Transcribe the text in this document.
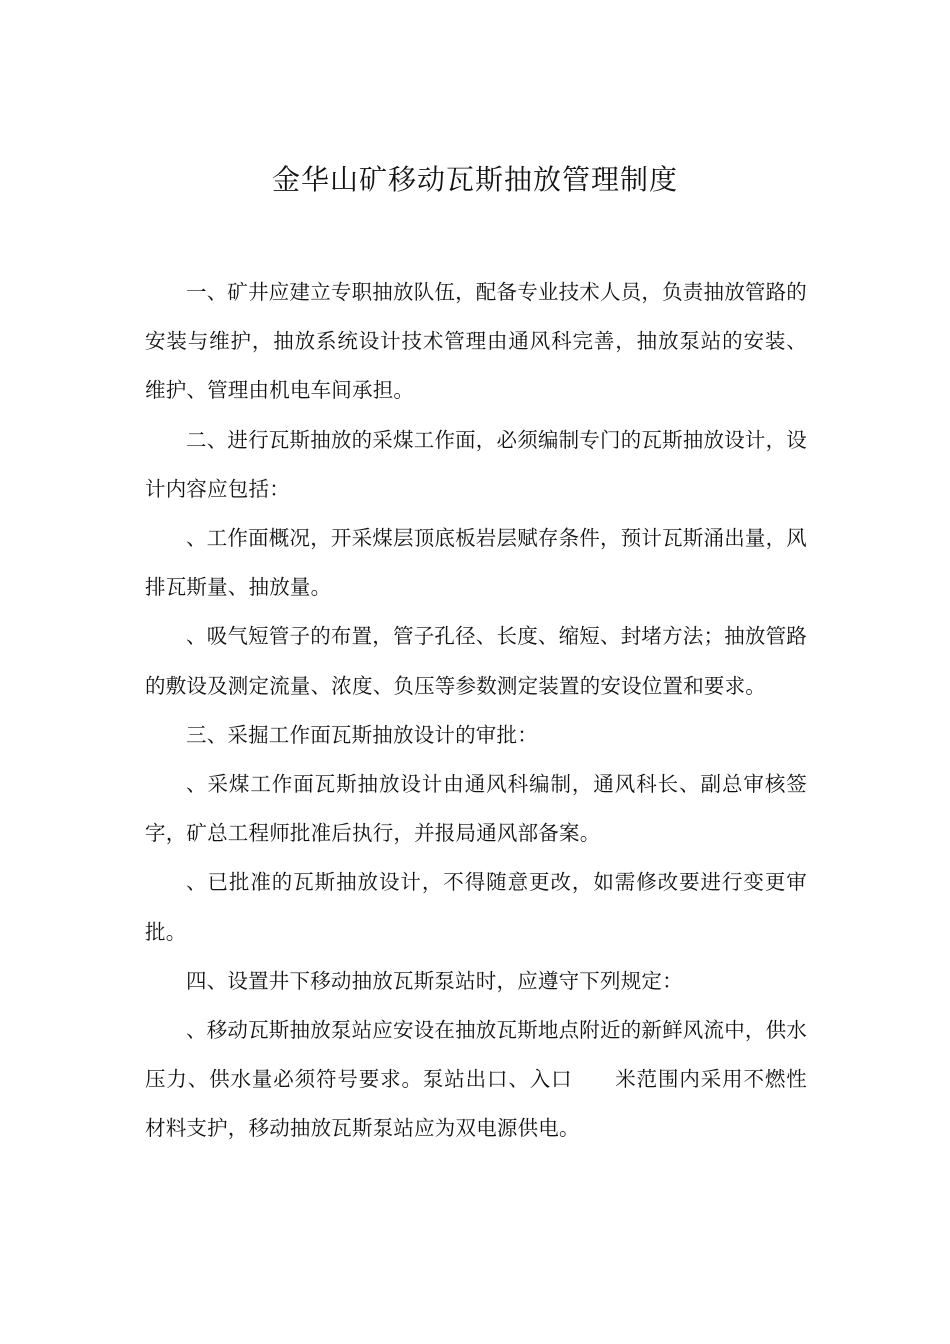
金华山矿移动瓦斯抽放管理制度

一、矿井应建立专职抽放队伍，配备专业技术人员，负责抽放管路的安装与维护，抽放系统设计技术管理由通风科完善，抽放泵站的安装、维护、管理由机电车间承担。

二、进行瓦斯抽放的采煤工作面，必须编制专门的瓦斯抽放设计，设计内容应包括：

、工作面概况，开采煤层顶底板岩层赋存条件，预计瓦斯涌出量，风排瓦斯量、抽放量。

、吸气短管子的布置，管子孔径、长度、缩短、封堵方法；抽放管路的敷设及测定流量、浓度、负压等参数测定装置的安设位置和要求。

三、采掘工作面瓦斯抽放设计的审批：

、采煤工作面瓦斯抽放设计由通风科编制，通风科长、副总审核签字，矿总工程师批准后执行，并报局通风部备案。

、已批准的瓦斯抽放设计，不得随意更改，如需修改要进行变更审批。

四、设置井下移动抽放瓦斯泵站时，应遵守下列规定：

、移动瓦斯抽放泵站应安设在抽放瓦斯地点附近的新鲜风流中，供水压力、供水量必须符号要求。泵站出口、入口　　米范围内采用不燃性材料支护，移动抽放瓦斯泵站应为双电源供电。
